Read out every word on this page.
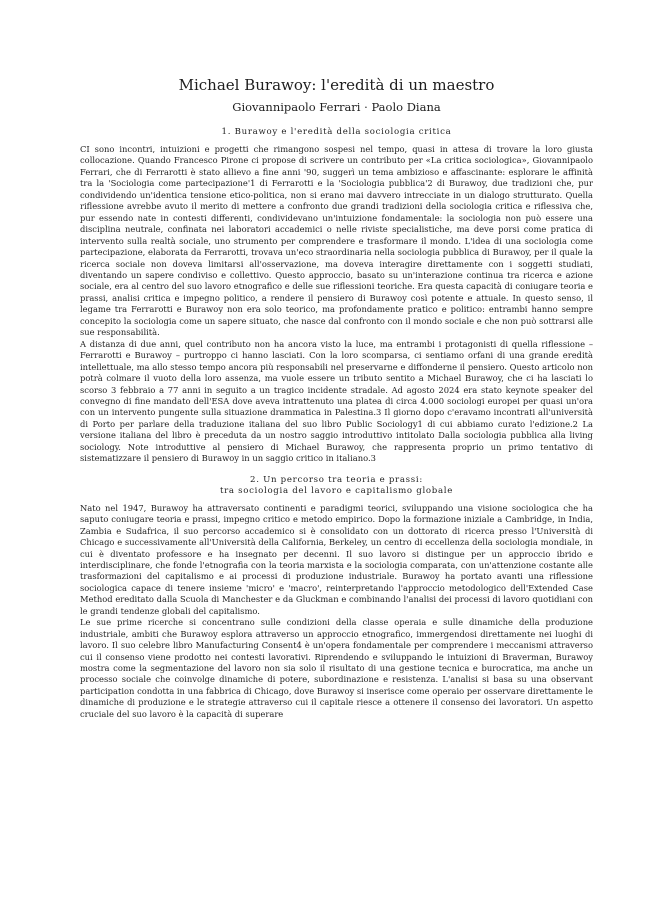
Michael Burawoy: l'eredità di un maestro
Giovannipaolo Ferrari · Paolo Diana
1. Burawoy e l'eredità della sociologia critica

CI sono incontri, intuizioni e progetti che rimangono sospesi nel tempo, quasi in attesa di trovare la loro giusta collocazione. Quando Francesco Pirone ci propose di scrivere un contributo per «La critica sociologica», Giovannipaolo Ferrari, che di Ferrarotti è stato allievo a fine anni '90, suggerì un tema ambizioso e affascinante: esplorare le affinità tra la 'Sociologia come partecipazione'1 di Ferrarotti e la 'Sociologia pubblica'2 di Burawoy, due tradizioni che, pur condividendo un'identica tensione etico-politica, non si erano mai davvero intrecciate in un dialogo strutturato. Quella riflessione avrebbe avuto il merito di mettere a confronto due grandi tradizioni della sociologia critica e riflessiva che, pur essendo nate in contesti differenti, condividevano un'intuizione fondamentale: la sociologia non può essere una disciplina neutrale, confinata nei laboratori accademici o nelle riviste specialistiche, ma deve porsi come pratica di intervento sulla realtà sociale, uno strumento per comprendere e trasformare il mondo. L'idea di una sociologia come partecipazione, elaborata da Ferrarotti, trovava un'eco straordinaria nella sociologia pubblica di Burawoy, per il quale la ricerca sociale non doveva limitarsi all'osservazione, ma doveva interagire direttamente con i soggetti studiati, diventando un sapere condiviso e collettivo. Questo approccio, basato su un'interazione continua tra ricerca e azione sociale, era al centro del suo lavoro etnografico e delle sue riflessioni teoriche. Era questa capacità di coniugare teoria e prassi, analisi critica e impegno politico, a rendere il pensiero di Burawoy così potente e attuale. In questo senso, il legame tra Ferrarotti e Burawoy non era solo teorico, ma profondamente pratico e politico: entrambi hanno sempre concepito la sociologia come un sapere situato, che nasce dal confronto con il mondo sociale e che non può sottrarsi alle sue responsabilità.

A distanza di due anni, quel contributo non ha ancora visto la luce, ma entrambi i protagonisti di quella riflessione – Ferrarotti e Burawoy – purtroppo ci hanno lasciati. Con la loro scomparsa, ci sentiamo orfani di una grande eredità intellettuale, ma allo stesso tempo ancora più responsabili nel preservarne e diffonderne il pensiero. Questo articolo non potrà colmare il vuoto della loro assenza, ma vuole essere un tributo sentito a Michael Burawoy, che ci ha lasciati lo scorso 3 febbraio a 77 anni in seguito a un tragico incidente stradale. Ad agosto 2024 era stato keynote speaker del convegno di fine mandato dell'ESA dove aveva intrattenuto una platea di circa 4.000 sociologi europei per quasi un'ora con un intervento pungente sulla situazione drammatica in Palestina.3 Il giorno dopo c'eravamo incontrati all'università di Porto per parlare della traduzione italiana del suo libro Public Sociology1 di cui abbiamo curato l'edizione.2 La versione italiana del libro è preceduta da un nostro saggio introduttivo intitolato Dalla sociologia pubblica alla living sociology. Note introduttive al pensiero di Michael Burawoy, che rappresenta proprio un primo tentativo di sistematizzare il pensiero di Burawoy in un saggio critico in italiano.3

2. Un percorso tra teoria e prassi:
tra sociologia del lavoro e capitalismo globale

Nato nel 1947, Burawoy ha attraversato continenti e paradigmi teorici, sviluppando una visione sociologica che ha saputo coniugare teoria e prassi, impegno critico e metodo empirico. Dopo la formazione iniziale a Cambridge, in India, Zambia e Sudafrica, il suo percorso accademico si è consolidato con un dottorato di ricerca presso l'Università di Chicago e successivamente all'Università della California, Berkeley, un centro di eccellenza della sociologia mondiale, in cui è diventato professore e ha insegnato per decenni. Il suo lavoro si distingue per un approccio ibrido e interdisciplinare, che fonde l'etnografia con la teoria marxista e la sociologia comparata, con un'attenzione costante alle trasformazioni del capitalismo e ai processi di produzione industriale. Burawoy ha portato avanti una riflessione sociologica capace di tenere insieme 'micro' e 'macro', reinterpretando l'approccio metodologico dell'Extended Case Method ereditato dalla Scuola di Manchester e da Gluckman e combinando l'analisi dei processi di lavoro quotidiani con le grandi tendenze globali del capitalismo.

Le sue prime ricerche si concentrano sulle condizioni della classe operaia e sulle dinamiche della produzione industriale, ambiti che Burawoy esplora attraverso un approccio etnografico, immergendosi direttamente nei luoghi di lavoro. Il suo celebre libro Manufacturing Consent4 è un'opera fondamentale per comprendere i meccanismi attraverso cui il consenso viene prodotto nei contesti lavorativi. Riprendendo e sviluppando le intuizioni di Braverman, Burawoy mostra come la segmentazione del lavoro non sia solo il risultato di una gestione tecnica e burocratica, ma anche un processo sociale che coinvolge dinamiche di potere, subordinazione e resistenza. L'analisi si basa su una observant participation condotta in una fabbrica di Chicago, dove Burawoy si inserisce come operaio per osservare direttamente le dinamiche di produzione e le strategie attraverso cui il capitale riesce a ottenere il consenso dei lavoratori. Un aspetto cruciale del suo lavoro è la capacità di superare
